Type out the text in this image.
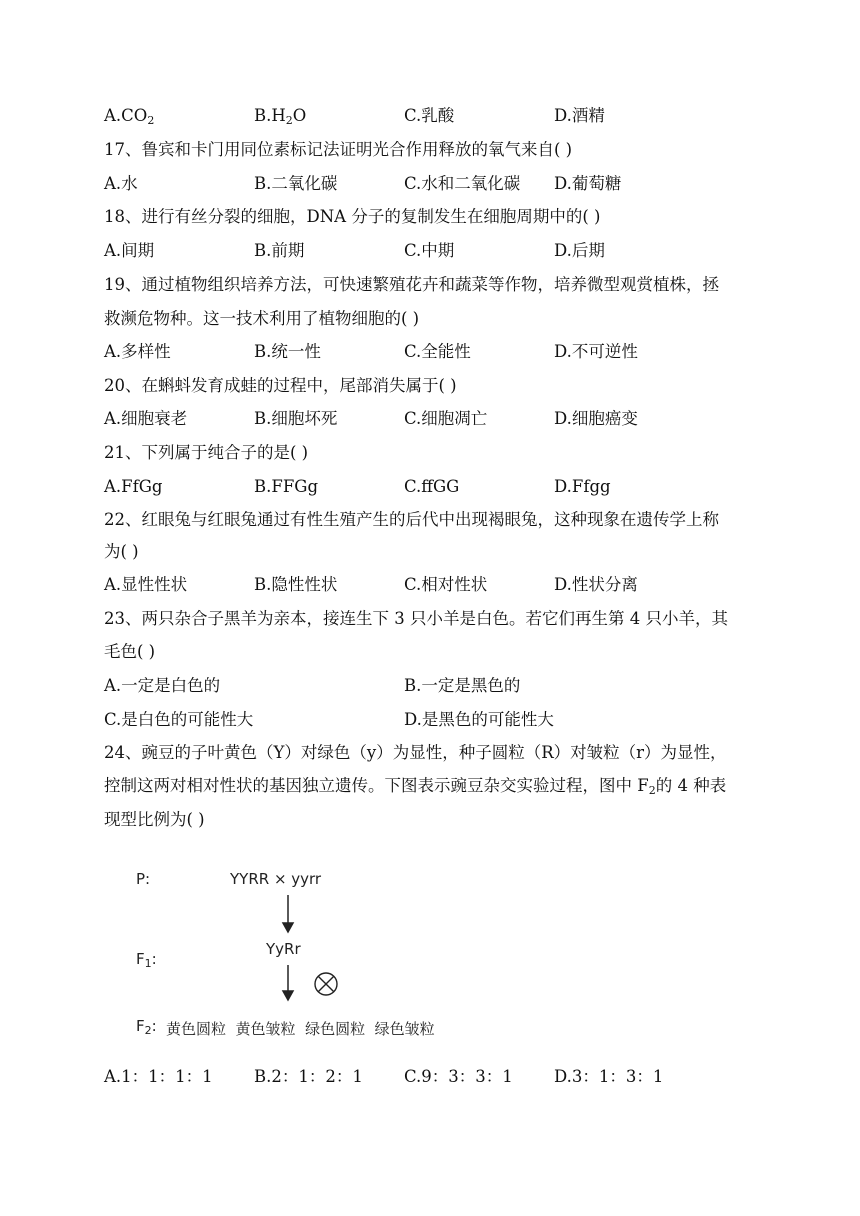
$A.CO_2$	$B.H_2O$	C.乳酸	D.酒精
17、鲁宾和卡门用同位素标记法证明光合作用释放的氧气来自( )
A.水	B.二氧化碳	C.水和二氧化碳 D.葡萄糖
18、进行有丝分裂的细胞，DNA 分子的复制发生在细胞周期中的( )
A.间期	B.前期	C.中期	D.后期
19、通过植物组织培养方法，可快速繁殖花卉和蔬菜等作物，培养微型观赏植株，拯
救濒危物种。这一技术利用了植物细胞的( )
A.多样性	B.统一性	C.全能性	D.不可逆性
20、在蝌蚪发育成蛙的过程中，尾部消失属于( )
A.细胞衰老	B.细胞坏死	C.细胞凋亡	D.细胞癌变
21、下列属于纯合子的是( )
A.FfGg	B.FFGg	C.ffGG	D.Ffgg
22、红眼兔与红眼兔通过有性生殖产生的后代中出现褐眼兔，这种现象在遗传学上称
为( )
A.显性性状	B.隐性性状	C.相对性状	D.性状分离
23、两只杂合子黑羊为亲本，接连生下 3 只小羊是白色。若它们再生第 4 只小羊，其
毛色( )
A.一定是白色的	B.一定是黑色的
C.是白色的可能性大	D.是黑色的可能性大
24、豌豆的子叶黄色（Y）对绿色（y）为显性，种子圆粒（R）对皱粒（r）为显性，
控制这两对相对性状的基因独立遗传。下图表示豌豆杂交实验过程，图中 $F_2$的 4 种表
现型比例为( )
P:	YYRR × yyrr
$F_1$:
YyRr
$F_2$: 黄色圆粒  黄色皱粒  绿色圆粒  绿色皱粒
A.1：1：1：1	B.2：1：2：1 C.9：3：3：1 D.3：1：3：1
